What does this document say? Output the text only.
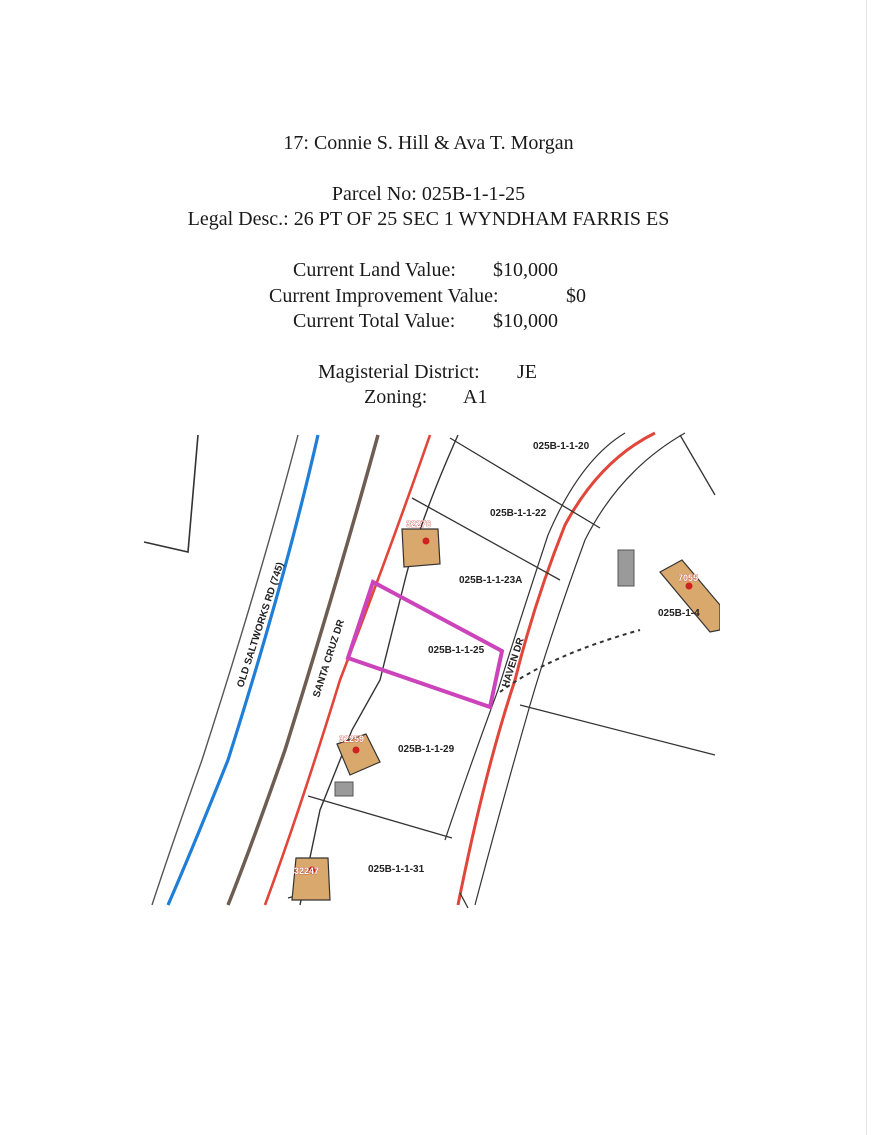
17: Connie S. Hill & Ava T. Morgan
Parcel No: 025B-1-1-25
Legal Desc.: 26 PT OF 25 SEC 1 WYNDHAM FARRIS ES
Current Land Value: $10,000
Current Improvement Value:	$0
Current Total Value: $10,000
Magisterial District: JE
Zoning: A1
32276
32259
32247
7055
025B-1-1-20
025B-1-1-22
025B-1-1-23A
025B-1-1-25
025B-1-1-29
025B-1-1-31
025B-1-4
OLD SALTWORKS RD (745)	SANTA CRUZ DR	HAVEN DR
